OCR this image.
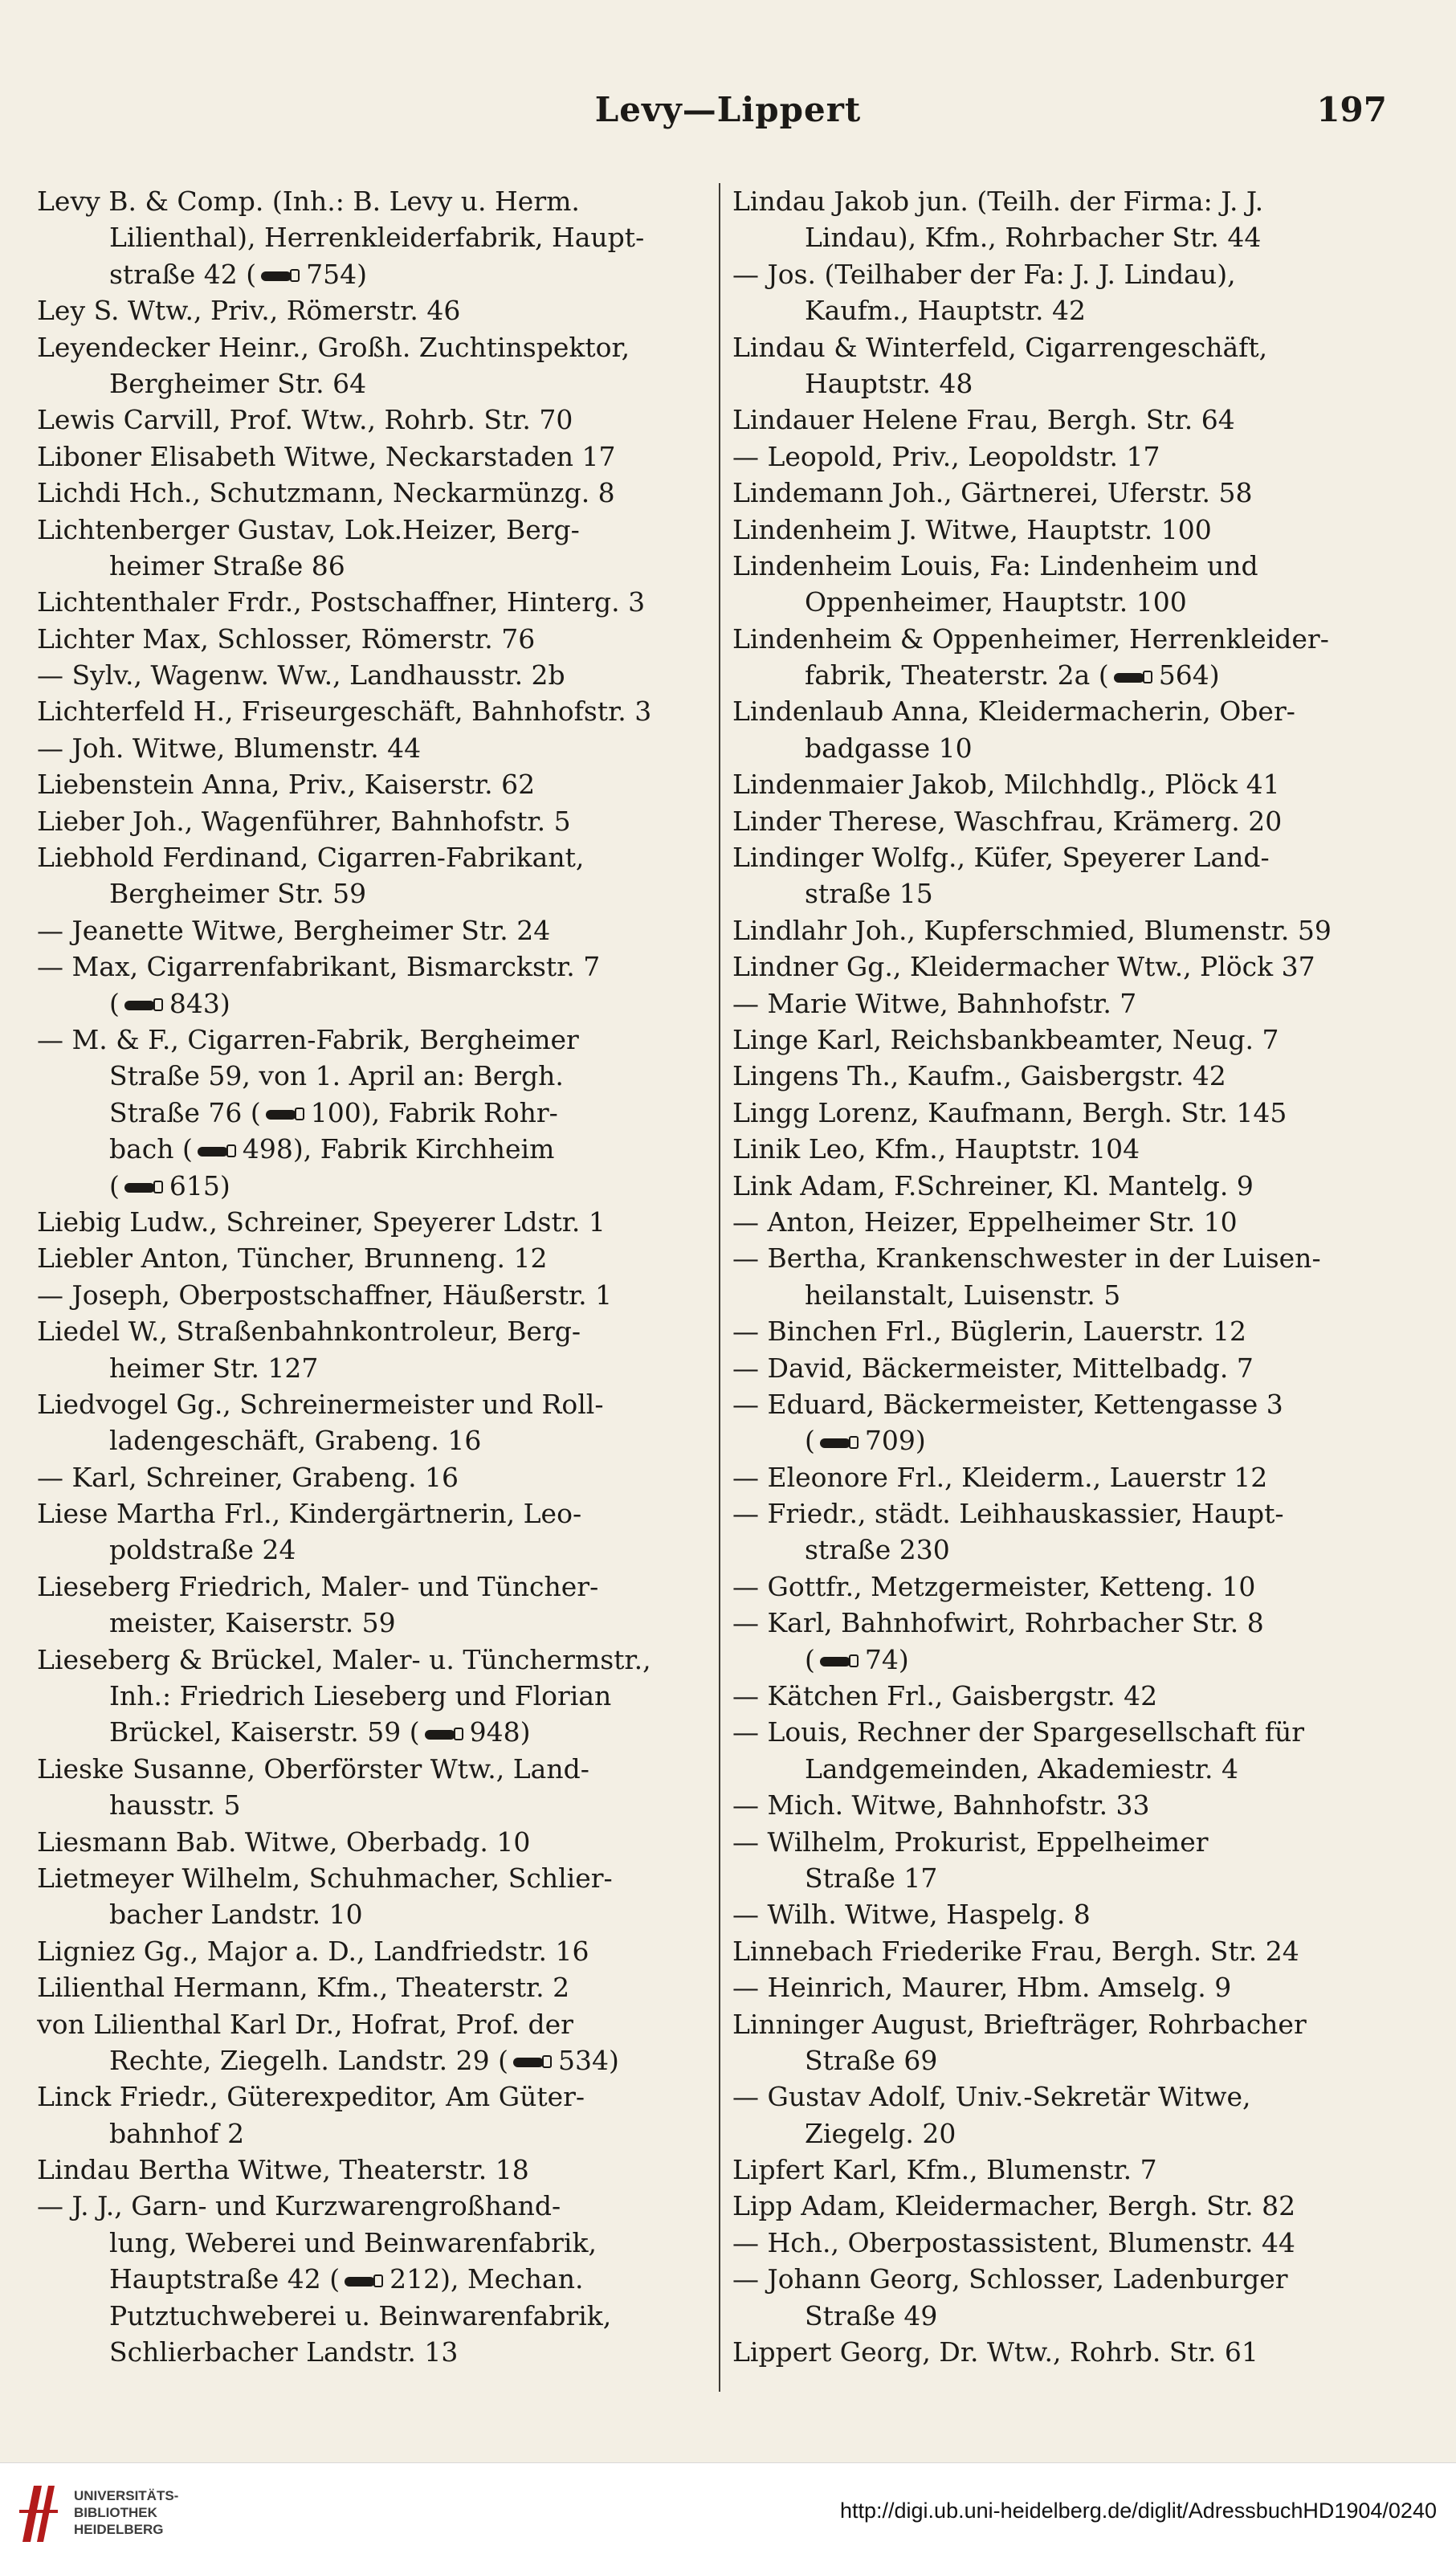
Levy—Lippert	197
Levy B. & Comp. (Inh.: B. Levy u. Herm.
Lilienthal), Herrenkleiderfabrik, Haupt-
straße 42 ( 754)
Ley S. Wtw., Priv., Römerstr. 46
Leyendecker Heinr., Großh. Zuchtinspektor,
Bergheimer Str. 64
Lewis Carvill, Prof. Wtw., Rohrb. Str. 70
Liboner Elisabeth Witwe, Neckarstaden 17
Lichdi Hch., Schutzmann, Neckarmünzg. 8
Lichtenberger Gustav, Lok.Heizer, Berg-
heimer Straße 86
Lichtenthaler Frdr., Postschaffner, Hinterg. 3
Lichter Max, Schlosser, Römerstr. 76
— Sylv., Wagenw. Ww., Landhausstr. 2b
Lichterfeld H., Friseurgeschäft, Bahnhofstr. 3
— Joh. Witwe, Blumenstr. 44
Liebenstein Anna, Priv., Kaiserstr. 62
Lieber Joh., Wagenführer, Bahnhofstr. 5
Liebhold Ferdinand, Cigarren-Fabrikant,
Bergheimer Str. 59
— Jeanette Witwe, Bergheimer Str. 24
— Max, Cigarrenfabrikant, Bismarckstr. 7
( 843)
— M. & F., Cigarren-Fabrik, Bergheimer
Straße 59, von 1. April an: Bergh.
Straße 76 ( 100), Fabrik Rohr-
bach ( 498), Fabrik Kirchheim
( 615)
Liebig Ludw., Schreiner, Speyerer Ldstr. 1
Liebler Anton, Tüncher, Brunneng. 12
— Joseph, Oberpostschaffner, Häußerstr. 1
Liedel W., Straßenbahnkontroleur, Berg-
heimer Str. 127
Liedvogel Gg., Schreinermeister und Roll-
ladengeschäft, Grabeng. 16
— Karl, Schreiner, Grabeng. 16
Liese Martha Frl., Kindergärtnerin, Leo-
poldstraße 24
Lieseberg Friedrich, Maler- und Tüncher-
meister, Kaiserstr. 59
Lieseberg & Brückel, Maler- u. Tünchermstr.,
Inh.: Friedrich Lieseberg und Florian
Brückel, Kaiserstr. 59 ( 948)
Lieske Susanne, Oberförster Wtw., Land-
hausstr. 5
Liesmann Bab. Witwe, Oberbadg. 10
Lietmeyer Wilhelm, Schuhmacher, Schlier-
bacher Landstr. 10
Ligniez Gg., Major a. D., Landfriedstr. 16
Lilienthal Hermann, Kfm., Theaterstr. 2
von Lilienthal Karl Dr., Hofrat, Prof. der
Rechte, Ziegelh. Landstr. 29 ( 534)
Linck Friedr., Güterexpeditor, Am Güter-
bahnhof 2
Lindau Bertha Witwe, Theaterstr. 18
— J. J., Garn- und Kurzwarengroßhand-
lung, Weberei und Beinwarenfabrik,
Hauptstraße 42 ( 212), Mechan.
Putztuchweberei u. Beinwarenfabrik,
Schlierbacher Landstr. 13
Lindau Jakob jun. (Teilh. der Firma: J. J.
Lindau), Kfm., Rohrbacher Str. 44
— Jos. (Teilhaber der Fa: J. J. Lindau),
Kaufm., Hauptstr. 42
Lindau & Winterfeld, Cigarrengeschäft,
Hauptstr. 48
Lindauer Helene Frau, Bergh. Str. 64
— Leopold, Priv., Leopoldstr. 17
Lindemann Joh., Gärtnerei, Uferstr. 58
Lindenheim J. Witwe, Hauptstr. 100
Lindenheim Louis, Fa: Lindenheim und
Oppenheimer, Hauptstr. 100
Lindenheim & Oppenheimer, Herrenkleider-
fabrik, Theaterstr. 2a ( 564)
Lindenlaub Anna, Kleidermacherin, Ober-
badgasse 10
Lindenmaier Jakob, Milchhdlg., Plöck 41
Linder Therese, Waschfrau, Krämerg. 20
Lindinger Wolfg., Küfer, Speyerer Land-
straße 15
Lindlahr Joh., Kupferschmied, Blumenstr. 59
Lindner Gg., Kleidermacher Wtw., Plöck 37
— Marie Witwe, Bahnhofstr. 7
Linge Karl, Reichsbankbeamter, Neug. 7
Lingens Th., Kaufm., Gaisbergstr. 42
Lingg Lorenz, Kaufmann, Bergh. Str. 145
Linik Leo, Kfm., Hauptstr. 104
Link Adam, F.Schreiner, Kl. Mantelg. 9
— Anton, Heizer, Eppelheimer Str. 10
— Bertha, Krankenschwester in der Luisen-
heilanstalt, Luisenstr. 5
— Binchen Frl., Büglerin, Lauerstr. 12
— David, Bäckermeister, Mittelbadg. 7
— Eduard, Bäckermeister, Kettengasse 3
( 709)
— Eleonore Frl., Kleiderm., Lauerstr 12
— Friedr., städt. Leihhauskassier, Haupt-
straße 230
— Gottfr., Metzgermeister, Ketteng. 10
— Karl, Bahnhofwirt, Rohrbacher Str. 8
( 74)
— Kätchen Frl., Gaisbergstr. 42
— Louis, Rechner der Spargesellschaft für
Landgemeinden, Akademiestr. 4
— Mich. Witwe, Bahnhofstr. 33
— Wilhelm, Prokurist, Eppelheimer
Straße 17
— Wilh. Witwe, Haspelg. 8
Linnebach Friederike Frau, Bergh. Str. 24
— Heinrich, Maurer, Hbm. Amselg. 9
Linninger August, Briefträger, Rohrbacher
Straße 69
— Gustav Adolf, Univ.-Sekretär Witwe,
Ziegelg. 20
Lipfert Karl, Kfm., Blumenstr. 7
Lipp Adam, Kleidermacher, Bergh. Str. 82
— Hch., Oberpostassistent, Blumenstr. 44
— Johann Georg, Schlosser, Ladenburger
Straße 49
Lippert Georg, Dr. Wtw., Rohrb. Str. 61
UNIVERSITÄTS-
BIBLIOTHEK
HEIDELBERG
http://digi.ub.uni-heidelberg.de/diglit/AdressbuchHD1904/0240
